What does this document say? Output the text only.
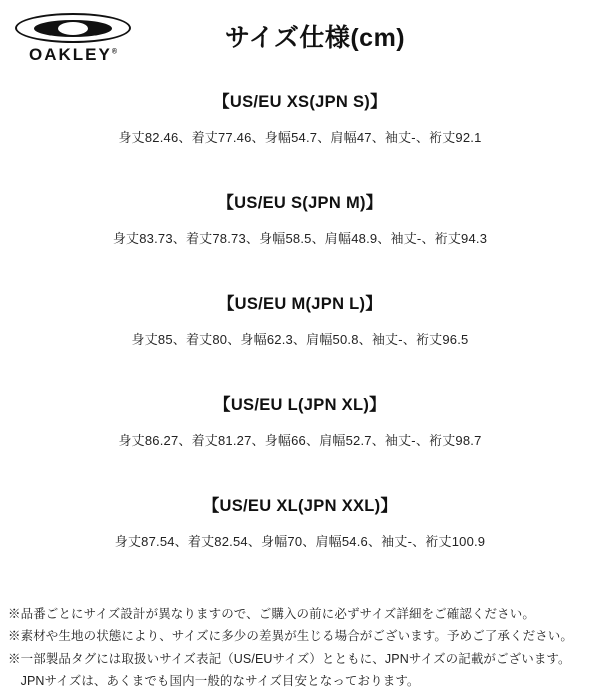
OAKLEY®	サイズ仕様(cm)
【US/EU XS(JPN S)】
身丈82.46、着丈77.46、身幅54.7、肩幅47、袖丈-、裄丈92.1
【US/EU S(JPN M)】
身丈83.73、着丈78.73、身幅58.5、肩幅48.9、袖丈-、裄丈94.3
【US/EU M(JPN L)】
身丈85、着丈80、身幅62.3、肩幅50.8、袖丈-、裄丈96.5
【US/EU L(JPN XL)】
身丈86.27、着丈81.27、身幅66、肩幅52.7、袖丈-、裄丈98.7
【US/EU XL(JPN XXL)】
身丈87.54、着丈82.54、身幅70、肩幅54.6、袖丈-、裄丈100.9
※品番ごとにサイズ設計が異なりますので、ご購入の前に必ずサイズ詳細をご確認ください。
※素材や生地の状態により、サイズに多少の差異が生じる場合がございます。予めご了承ください。
※一部製品タグには取扱いサイズ表記（US/EUサイズ）とともに、JPNサイズの記載がございます。
　JPNサイズは、あくまでも国内一般的なサイズ目安となっております。
